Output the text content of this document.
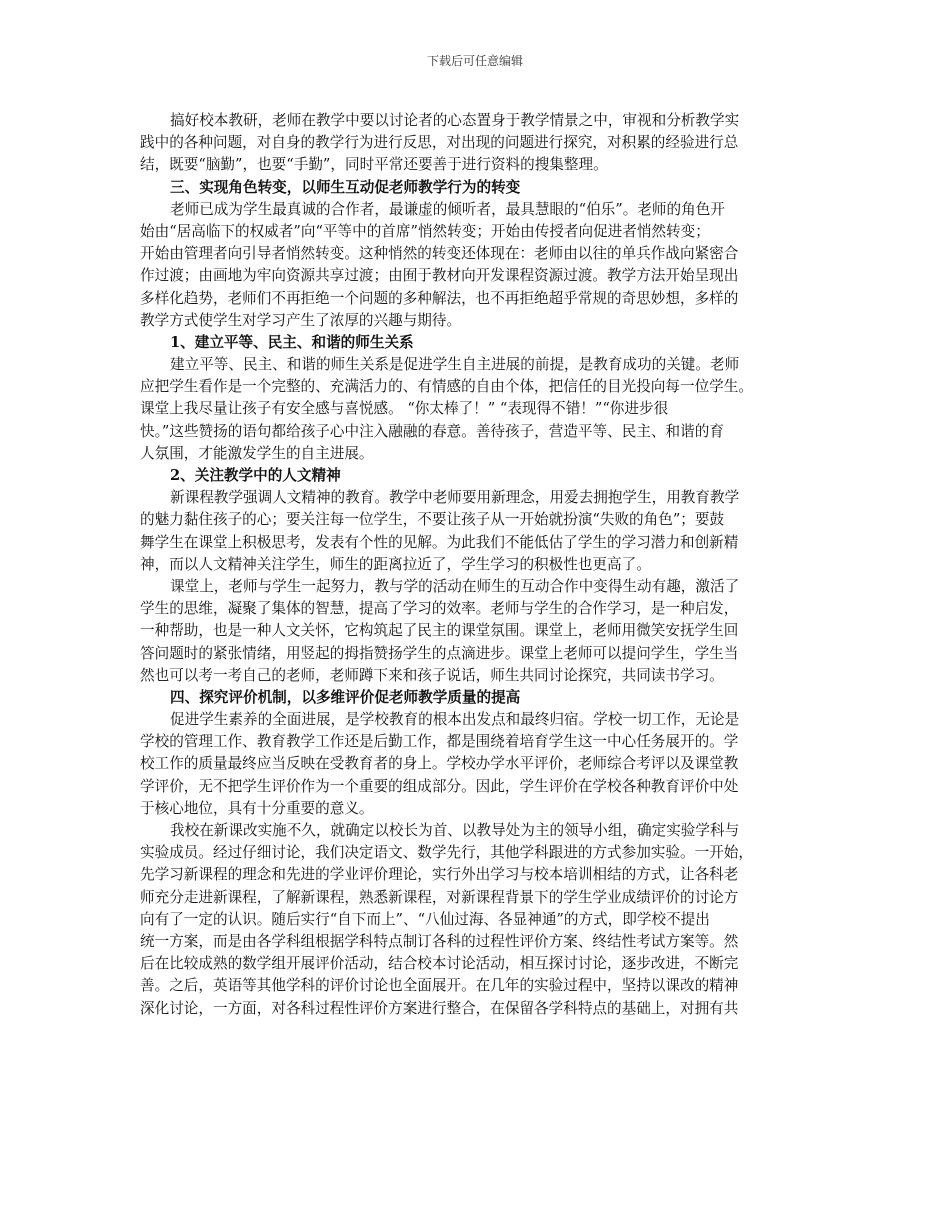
下载后可任意编辑
搞好校本教研，老师在教学中要以讨论者的心态置身于教学情景之中，审视和分析教学实
践中的各种问题，对自身的教学行为进行反思，对出现的问题进行探究，对积累的经验进行总
结，既要“脑勤”，也要“手勤”，同时平常还要善于进行资料的搜集整理。
三、实现角色转变，以师生互动促老师教学行为的转变
老师已成为学生最真诚的合作者，最谦虚的倾听者，最具慧眼的“伯乐”。老师的角色开
始由“居高临下的权威者”向“平等中的首席”悄然转变；开始由传授者向促进者悄然转变；
开始由管理者向引导者悄然转变。这种悄然的转变还体现在：老师由以往的单兵作战向紧密合
作过渡；由画地为牢向资源共享过渡；由囿于教材向开发课程资源过渡。教学方法开始呈现出
多样化趋势，老师们不再拒绝一个问题的多种解法，也不再拒绝超乎常规的奇思妙想，多样的
教学方式使学生对学习产生了浓厚的兴趣与期待。
1、建立平等、民主、和谐的师生关系
建立平等、民主、和谐的师生关系是促进学生自主进展的前提，是教育成功的关键。老师
应把学生看作是一个完整的、充满活力的、有情感的自由个体，把信任的目光投向每一位学生。
课堂上我尽量让孩子有安全感与喜悦感。 “你太棒了！” “表现得不错！”“你进步很
快。”这些赞扬的语句都给孩子心中注入融融的春意。善待孩子，营造平等、民主、和谐的育
人氛围，才能激发学生的自主进展。
2、关注教学中的人文精神
新课程教学强调人文精神的教育。教学中老师要用新理念，用爱去拥抱学生，用教育教学
的魅力黏住孩子的心；要关注每一位学生，不要让孩子从一开始就扮演“失败的角色”；要鼓
舞学生在课堂上积极思考，发表有个性的见解。为此我们不能低估了学生的学习潜力和创新精
神，而以人文精神关注学生，师生的距离拉近了，学生学习的积极性也更高了。
课堂上，老师与学生一起努力，教与学的活动在师生的互动合作中变得生动有趣，激活了
学生的思维，凝聚了集体的智慧，提高了学习的效率。老师与学生的合作学习，是一种启发，
一种帮助，也是一种人文关怀，它构筑起了民主的课堂氛围。课堂上，老师用微笑安抚学生回
答问题时的紧张情绪，用竖起的拇指赞扬学生的点滴进步。课堂上老师可以提问学生，学生当
然也可以考一考自己的老师，老师蹲下来和孩子说话，师生共同讨论探究，共同读书学习。
四、探究评价机制，以多维评价促老师教学质量的提高
促进学生素养的全面进展，是学校教育的根本出发点和最终归宿。学校一切工作，无论是
学校的管理工作、教育教学工作还是后勤工作，都是围绕着培育学生这一中心任务展开的。学
校工作的质量最终应当反映在受教育者的身上。学校办学水平评价，老师综合考评以及课堂教
学评价，无不把学生评价作为一个重要的组成部分。因此，学生评价在学校各种教育评价中处
于核心地位，具有十分重要的意义。
我校在新课改实施不久，就确定以校长为首、以教导处为主的领导小组，确定实验学科与
实验成员。经过仔细讨论，我们决定语文、数学先行，其他学科跟进的方式参加实验。一开始，
先学习新课程的理念和先进的学业评价理论，实行外出学习与校本培训相结的方式，让各科老
师充分走进新课程，了解新课程，熟悉新课程，对新课程背景下的学生学业成绩评价的讨论方
向有了一定的认识。随后实行“自下而上”、“八仙过海、各显神通”的方式，即学校不提出
统一方案，而是由各学科组根据学科特点制订各科的过程性评价方案、终结性考试方案等。然
后在比较成熟的数学组开展评价活动，结合校本讨论活动，相互探讨讨论，逐步改进，不断完
善。之后，英语等其他学科的评价讨论也全面展开。在几年的实验过程中，坚持以课改的精神
深化讨论，一方面，对各科过程性评价方案进行整合，在保留各学科特点的基础上，对拥有共
